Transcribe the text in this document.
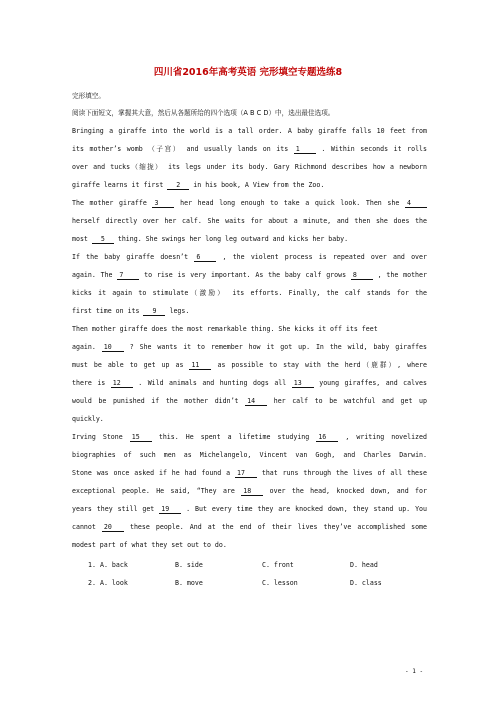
四川省2016年高考英语 完形填空专题选练8
完形填空。
阅读下面短文，掌握其大意，然后从各题所给的四个选项（A B C D）中，选出最佳选项。
Bringing a giraffe into the world is a tall order. A baby giraffe falls 10 feet from
its mother’s womb （子宫） and usually lands on its 1	. Within seconds it rolls
over and tucks（缩拢） its legs under its body. Gary Richmond describes how a newborn
giraffe learns it first 2 in his book, A View from the Zoo.
The mother giraffe 3	her head long enough to take a quick look. Then she 4
herself directly over her calf. She waits for about a minute, and then she does the
most 5 thing. She swings her long leg outward and kicks her baby.
If the baby giraffe doesn’t 6	, the violent process is repeated over and over
again. The 7	to rise is very important. As the baby calf grows 8	, the mother
kicks it again to stimulate（激励） its efforts. Finally, the calf stands for the
first time on its 9 legs.
Then mother giraffe does the most remarkable thing. She kicks it off its feet
again. 10	? She wants it to remember how it got up. In the wild, baby giraffes
must be able to get up as 11	as possible to stay with the herd（鹿群）, where
there is 12	. Wild animals and hunting dogs all 13	young giraffes, and calves
would be punished if the mother didn’t 14	her calf to be watchful and get up
quickly.
Irving Stone 15	this. He spent a lifetime studying 16	, writing novelized
biographies of such men as Michelangelo, Vincent van Gogh, and Charles Darwin.
Stone was once asked if he had found a 17	that runs through the lives of all these
exceptional people. He said, “They are 18	over the head, knocked down, and for
years they still get 19	. But every time they are knocked down, they stand up. You
cannot 20	these people. And at the end of their lives they’ve accomplished some
modest part of what they set out to do.
1. A. back	B. side	C. front	D. head
2. A. look	B. move	C. lesson	D. class
- 1 -
